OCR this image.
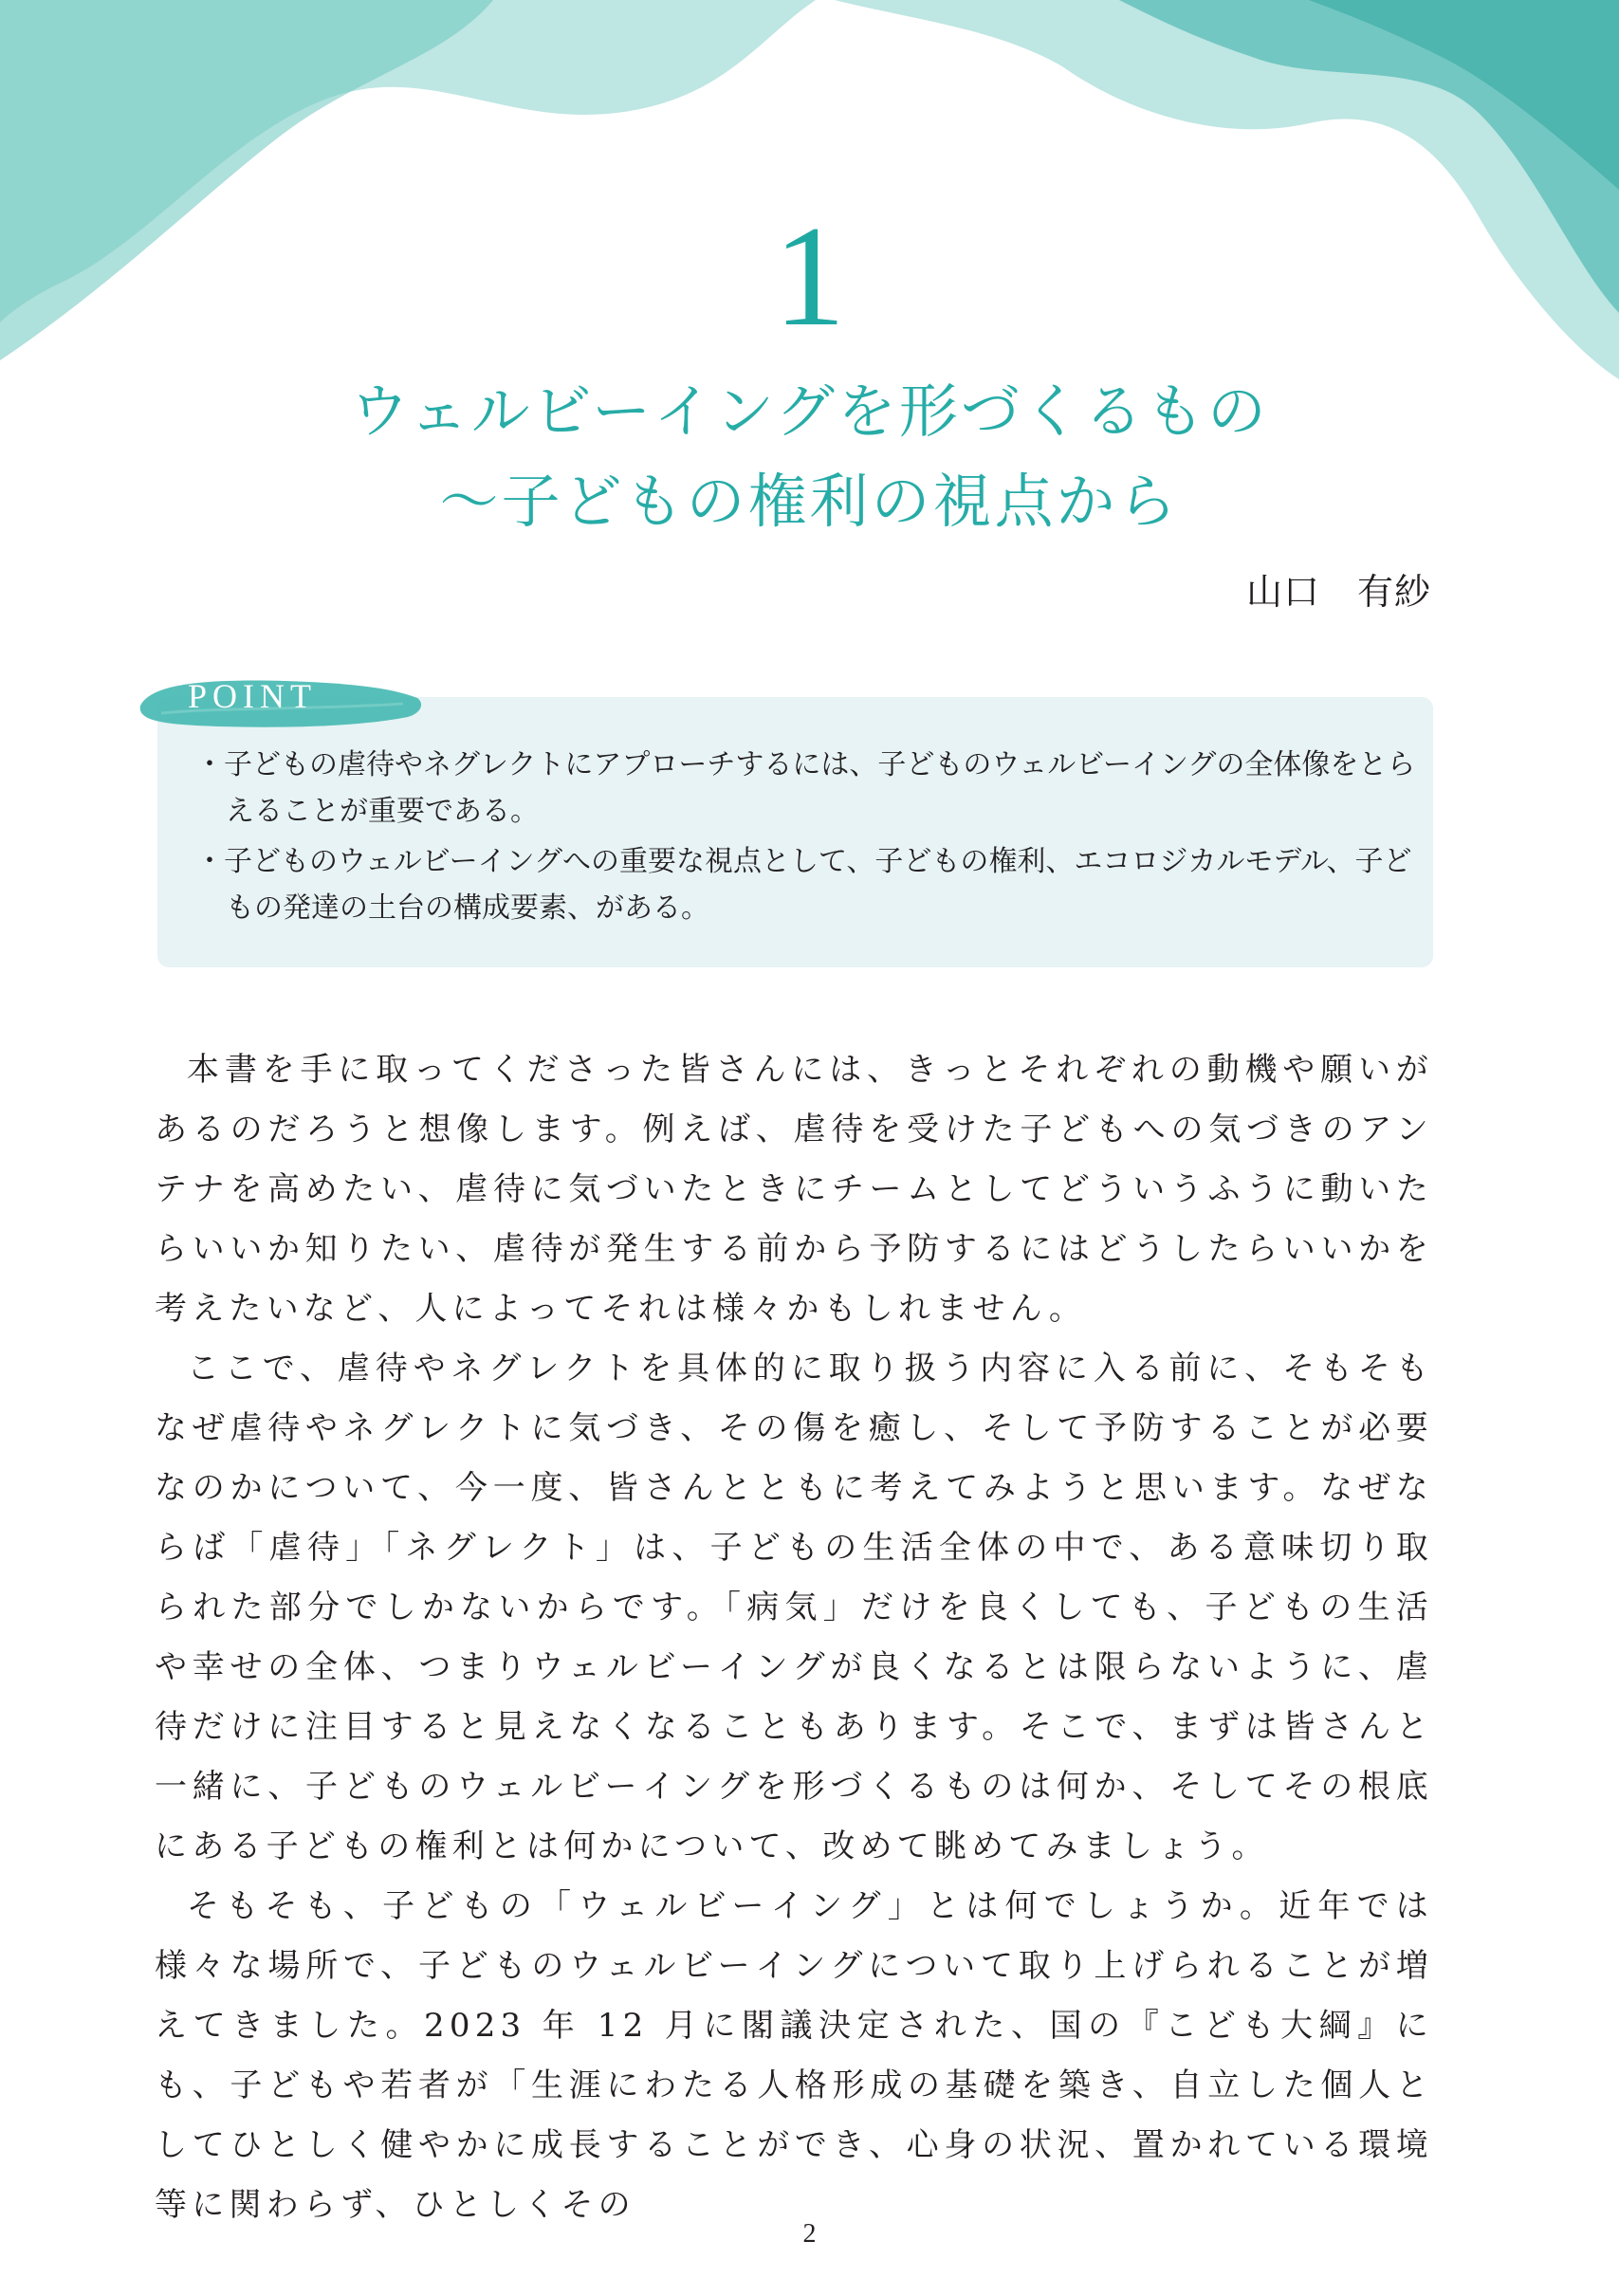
1
ウェルビーイングを形づくるもの
〜子どもの権利の視点から
山口　有紗
POINT
・ 子どもの虐待やネグレクトにアプローチするには、子どものウェルビーイングの全体像をとらえることが重要である。
・ 子どものウェルビーイングへの重要な視点として、子どもの権利、エコロジカルモデル、子どもの発達の土台の構成要素、がある。

本書を手に取ってくださった皆さんには、きっとそれぞれの動機や願いがあるのだろうと想像します。例えば、虐待を受けた子どもへの気づきのアンテナを高めたい、虐待に気づいたときにチームとしてどういうふうに動いたらいいか知りたい、虐待が発生する前から予防するにはどうしたらいいかを考えたいなど、人によってそれは様々かもしれません。

ここで、虐待やネグレクトを具体的に取り扱う内容に入る前に、そもそもなぜ虐待やネグレクトに気づき、その傷を癒し、そして予防することが必要なのかについて、今一度、皆さんとともに考えてみようと思います。なぜならば「虐待」「ネグレクト」は、子どもの生活全体の中で、ある意味切り取られた部分でしかないからです。「病気」だけを良くしても、子どもの生活や幸せの全体、つまりウェルビーイングが良くなるとは限らないように、虐待だけに注目すると見えなくなることもあります。そこで、まずは皆さんと一緒に、子どものウェルビーイングを形づくるものは何か、そしてその根底にある子どもの権利とは何かについて、改めて眺めてみましょう。

そもそも、子どもの「ウェルビーイング」とは何でしょうか。近年では様々な場所で、子どものウェルビーイングについて取り上げられることが増えてきました。2023 年 12 月に閣議決定された、国の『こども大綱』にも、子どもや若者が「生涯にわたる人格形成の基礎を築き、自立した個人としてひとしく健やかに成長することができ、心身の状況、置かれている環境等に関わらず、ひとしくその

2
